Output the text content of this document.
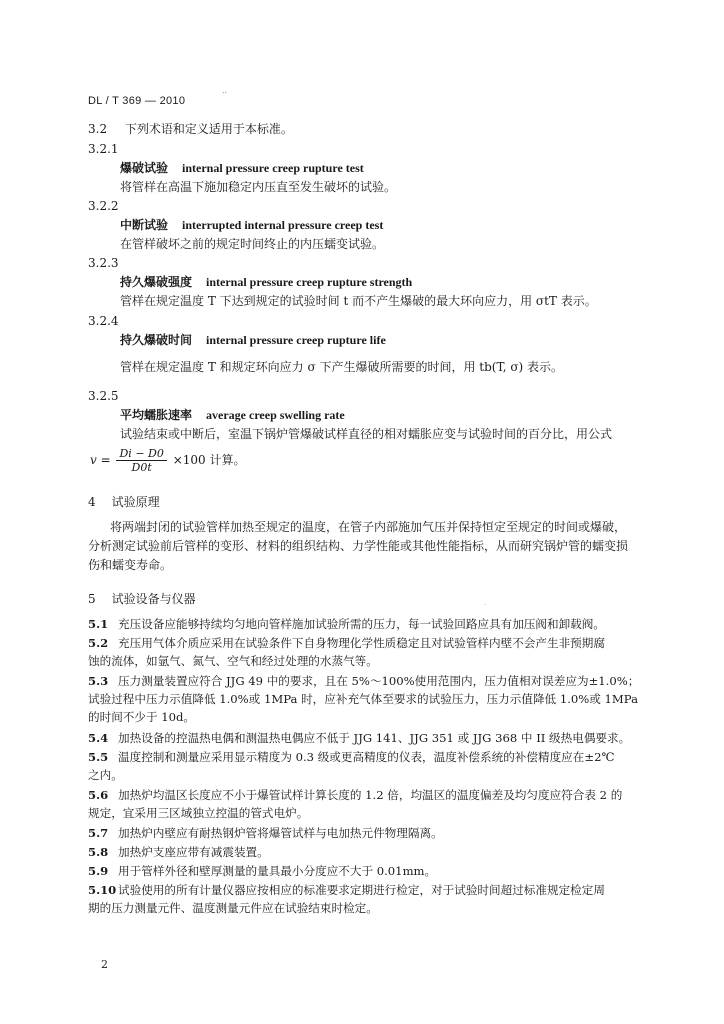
..
DL / T 369 — 2010
3.2 下列术语和定义适用于本标准。
3.2.1
爆破试验 internal pressure creep rupture test
将管样在高温下施加稳定内压直至发生破坏的试验。
3.2.2
中断试验 interrupted internal pressure creep test
在管样破坏之前的规定时间终止的内压蠕变试验。
3.2.3
持久爆破强度 internal pressure creep rupture strength
管样在规定温度 T 下达到规定的试验时间 t 而不产生爆破的最大环向应力，用 σtT 表示。
3.2.4
持久爆破时间 internal pressure creep rupture life
管样在规定温度 T 和规定环向应力 σ 下产生爆破所需要的时间，用 tb(T, σ) 表示。
3.2.5
平均蠕胀速率 average creep swelling rate
试验结束或中断后，室温下锅炉管爆破试样直径的相对蠕胀应变与试验时间的百分比，用公式
$v = \frac{Di - D0}{D0t} \times 100$ 计算。
4 试验原理
将两端封闭的试验管样加热至规定的温度，在管子内部施加气压并保持恒定至规定的时间或爆破，
分析测定试验前后管样的变形、材料的组织结构、力学性能或其他性能指标，从而研究锅炉管的蠕变损
伤和蠕变寿命。
5 试验设备与仪器	.
5.1 充压设备应能够持续均匀地向管样施加试验所需的压力，每一试验回路应具有加压阀和卸载阀。
5.2 充压用气体介质应采用在试验条件下自身物理化学性质稳定且对试验管样内壁不会产生非预期腐
蚀的流体，如氩气、氮气、空气和经过处理的水蒸气等。
5.3 压力测量装置应符合 JJG 49 中的要求，且在 5%～100%使用范围内，压力值相对误差应为±1.0%；
试验过程中压力示值降低 1.0%或 1MPa 时，应补充气体至要求的试验压力，压力示值降低 1.0%或 1MPa
的时间不少于 10d。
5.4 加热设备的控温热电偶和测温热电偶应不低于 JJG 141、JJG 351 或 JJG 368 中 II 级热电偶要求。
5.5 温度控制和测量应采用显示精度为 0.3 级或更高精度的仪表，温度补偿系统的补偿精度应在±2℃
之内。
5.6 加热炉均温区长度应不小于爆管试样计算长度的 1.2 倍，均温区的温度偏差及均匀度应符合表 2 的
规定，宜采用三区域独立控温的管式电炉。
5.7 加热炉内壁应有耐热钢炉管将爆管试样与电加热元件物理隔离。
5.8 加热炉支座应带有减震装置。
5.9 用于管样外径和壁厚测量的量具最小分度应不大于 0.01mm。
5.10 试验使用的所有计量仪器应按相应的标准要求定期进行检定，对于试验时间超过标准规定检定周
期的压力测量元件、温度测量元件应在试验结束时检定。
2
